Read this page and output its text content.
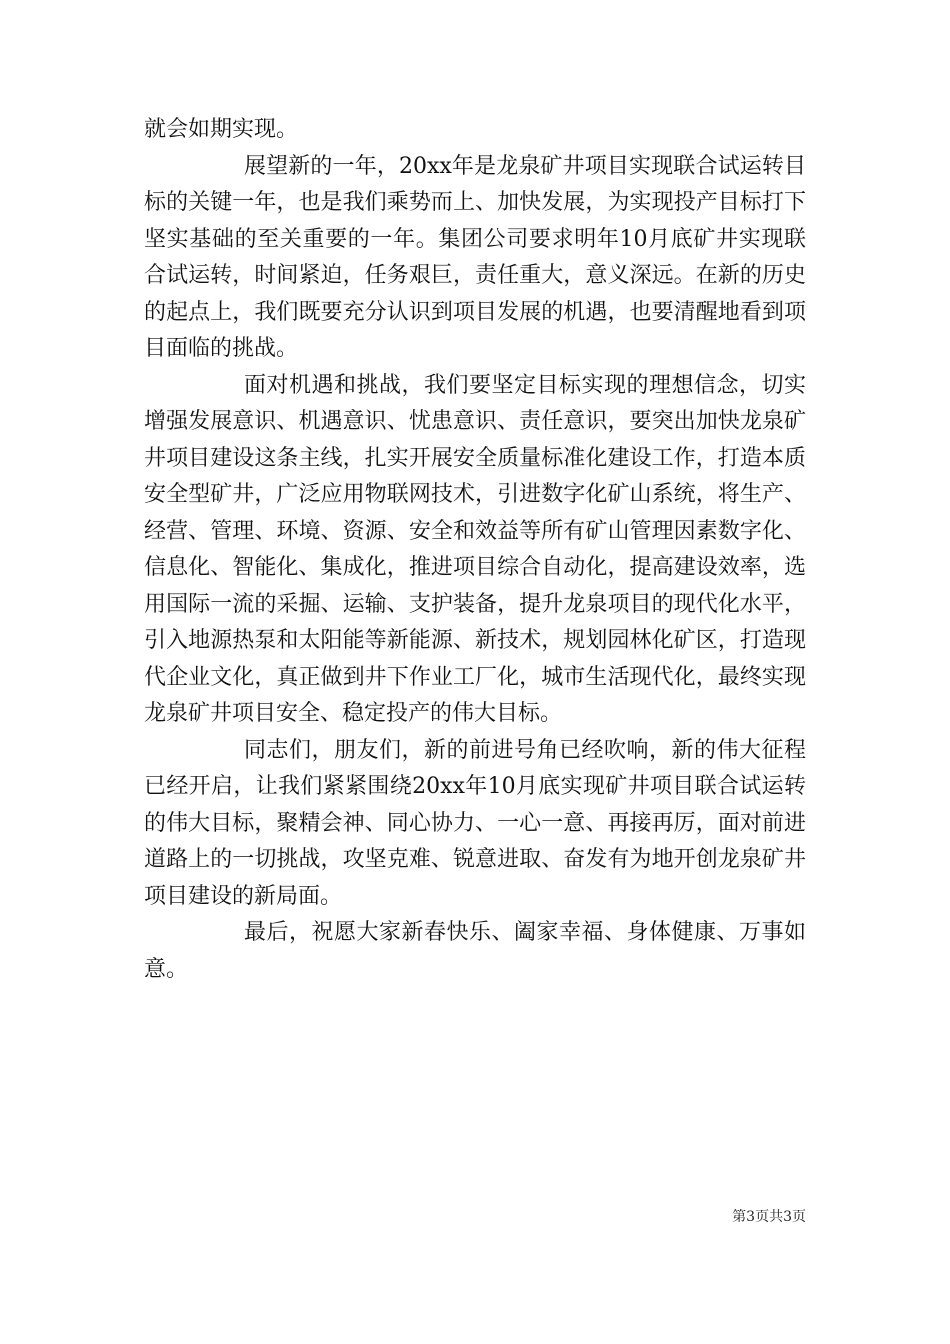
就会如期实现。

展望新的一年，20xx年是龙泉矿井项目实现联合试运转目标的关键一年，也是我们乘势而上、加快发展，为实现投产目标打下坚实基础的至关重要的一年。集团公司要求明年10月底矿井实现联合试运转，时间紧迫，任务艰巨，责任重大，意义深远。在新的历史的起点上，我们既要充分认识到项目发展的机遇，也要清醒地看到项目面临的挑战。

面对机遇和挑战，我们要坚定目标实现的理想信念，切实增强发展意识、机遇意识、忧患意识、责任意识，要突出加快龙泉矿井项目建设这条主线，扎实开展安全质量标准化建设工作，打造本质安全型矿井，广泛应用物联网技术，引进数字化矿山系统，将生产、经营、管理、环境、资源、安全和效益等所有矿山管理因素数字化、信息化、智能化、集成化，推进项目综合自动化，提高建设效率，选用国际一流的采掘、运输、支护装备，提升龙泉项目的现代化水平，引入地源热泵和太阳能等新能源、新技术，规划园林化矿区，打造现代企业文化，真正做到井下作业工厂化，城市生活现代化，最终实现龙泉矿井项目安全、稳定投产的伟大目标。

同志们，朋友们，新的前进号角已经吹响，新的伟大征程已经开启，让我们紧紧围绕20xx年10月底实现矿井项目联合试运转的伟大目标，聚精会神、同心协力、一心一意、再接再厉，面对前进道路上的一切挑战，攻坚克难、锐意进取、奋发有为地开创龙泉矿井项目建设的新局面。

最后，祝愿大家新春快乐、阖家幸福、身体健康、万事如意。

第3页共3页
